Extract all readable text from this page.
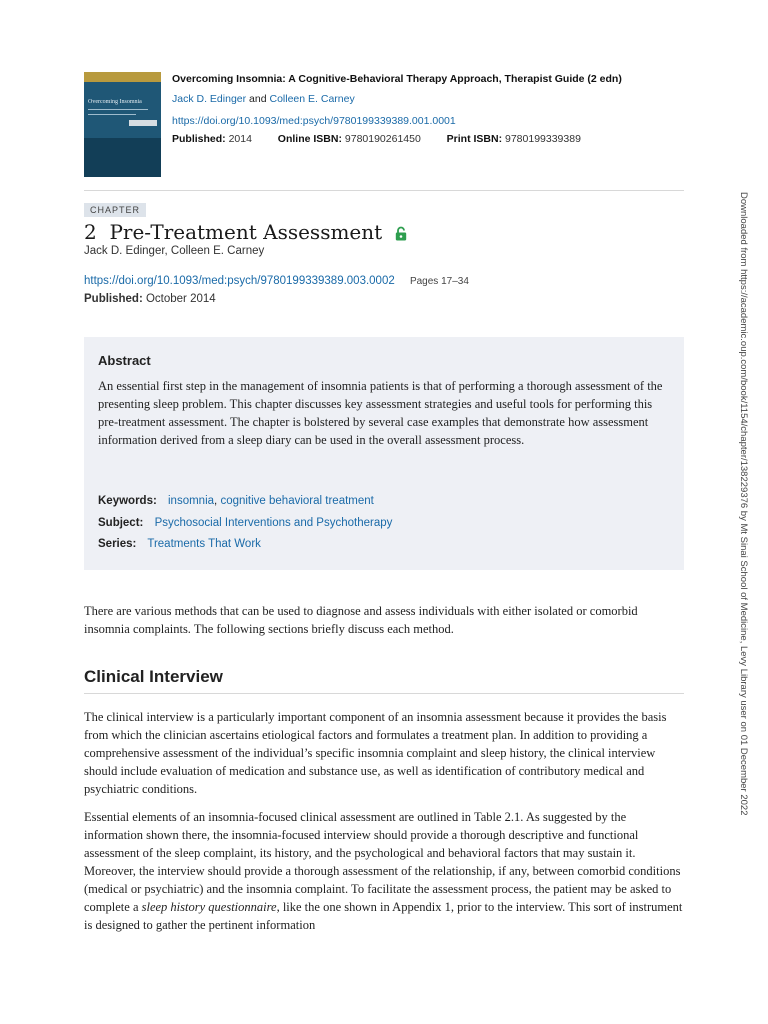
Overcoming Insomnia
Overcoming Insomnia: A Cognitive-Behavioral Therapy Approach, Therapist Guide (2 edn)
Jack D. Edinger and Colleen E. Carney
https://doi.org/10.1093/med:psych/9780199339389.001.0001
Published: 2014 Online ISBN: 9780190261450 Print ISBN: 9780199339389
CHAPTER
2 Pre-Treatment Assessment
Jack D. Edinger, Colleen E. Carney
https://doi.org/10.1093/med:psych/9780199339389.003.0002 Pages 17–34
Published: October 2014
Abstract
An essential first step in the management of insomnia patients is that of performing a thorough assessment of the presenting sleep problem. This chapter discusses key assessment strategies and useful tools for performing this pre-treatment assessment. The chapter is bolstered by several case examples that demonstrate how assessment information derived from a sleep diary can be used in the overall assessment process.
Keywords: insomnia, cognitive behavioral treatment
Subject: Psychosocial Interventions and Psychotherapy
Series: Treatments That Work
There are various methods that can be used to diagnose and assess individuals with either isolated or comorbid insomnia complaints. The following sections briefly discuss each method.
Clinical Interview
The clinical interview is a particularly important component of an insomnia assessment because it provides the basis from which the clinician ascertains etiological factors and formulates a treatment plan. In addition to providing a comprehensive assessment of the individual’s specific insomnia complaint and sleep history, the clinical interview should include evaluation of medication and substance use, as well as identification of contributory medical and psychiatric conditions.
Essential elements of an insomnia-focused clinical assessment are outlined in Table 2.1. As suggested by the information shown there, the insomnia-focused interview should provide a thorough descriptive and functional assessment of the sleep complaint, its history, and the psychological and behavioral factors that may sustain it. Moreover, the interview should provide a thorough assessment of the relationship, if any, between comorbid conditions (medical or psychiatric) and the insomnia complaint. To facilitate the assessment process, the patient may be asked to complete a sleep history questionnaire, like the one shown in Appendix 1, prior to the interview. This sort of instrument is designed to gather the pertinent information
Downloaded from https://academic.oup.com/book/1154/chapter/138229376 by Mt Sinai School of Medicine, Levy Library user on 01 December 2022
